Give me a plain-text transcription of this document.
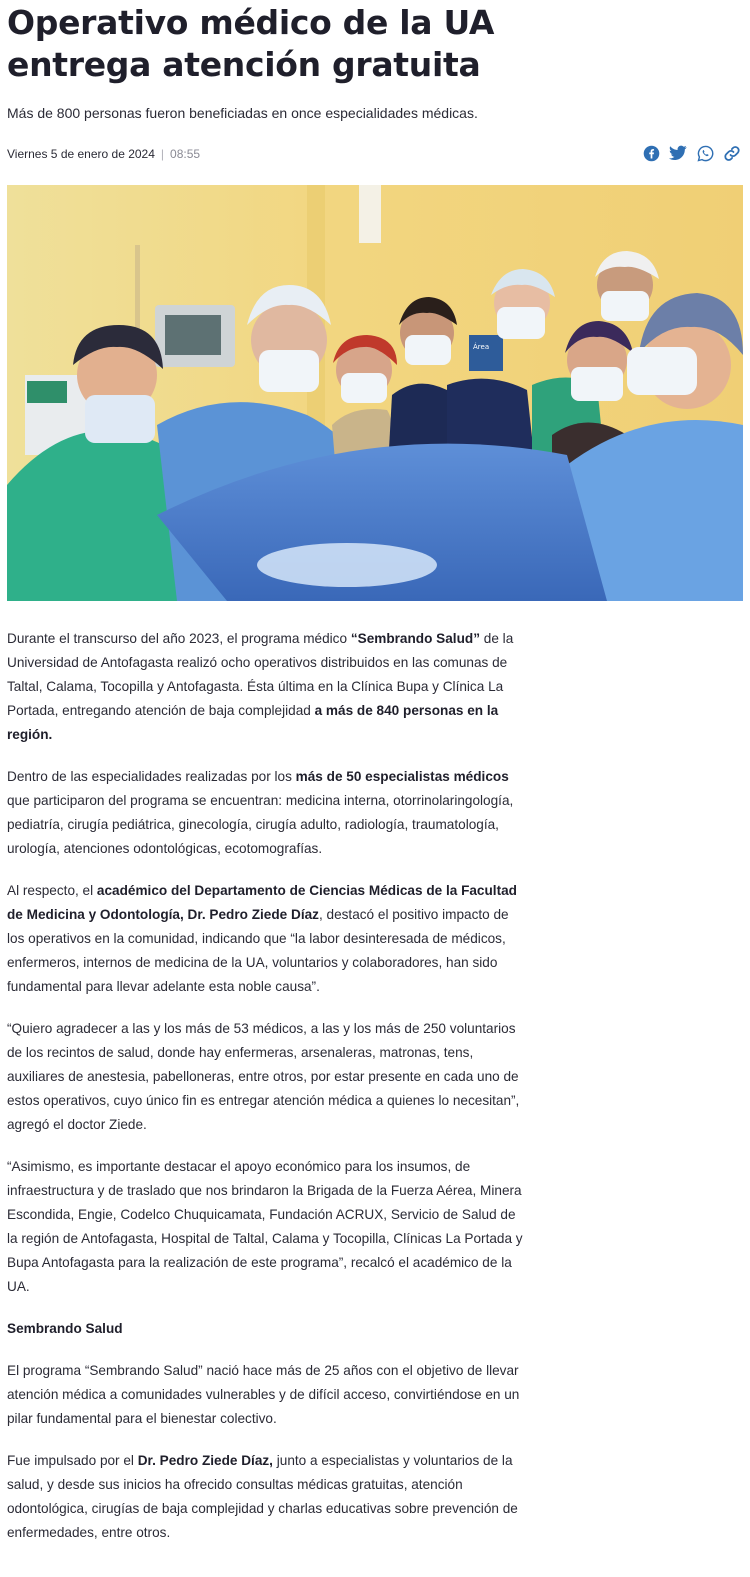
Operativo médico de la UA entrega atención gratuita
Más de 800 personas fueron beneficiadas en once especialidades médicas.
Viernes 5 de enero de 2024 | 08:55
Área

Durante el transcurso del año 2023, el programa médico “Sembrando Salud” de la Universidad de Antofagasta realizó ocho operativos distribuidos en las comunas de Taltal, Calama, Tocopilla y Antofagasta. Ésta última en la Clínica Bupa y Clínica La Portada, entregando atención de baja complejidad a más de 840 personas en la región.

Dentro de las especialidades realizadas por los más de 50 especialistas médicos que participaron del programa se encuentran: medicina interna, otorrinolaringología, pediatría, cirugía pediátrica, ginecología, cirugía adulto, radiología, traumatología, urología, atenciones odontológicas, ecotomografías.

Al respecto, el académico del Departamento de Ciencias Médicas de la Facultad de Medicina y Odontología, Dr. Pedro Ziede Díaz, destacó el positivo impacto de los operativos en la comunidad, indicando que “la labor desinteresada de médicos, enfermeros, internos de medicina de la UA, voluntarios y colaboradores, han sido fundamental para llevar adelante esta noble causa”.

“Quiero agradecer a las y los más de 53 médicos, a las y los más de 250 voluntarios de los recintos de salud, donde hay enfermeras, arsenaleras, matronas, tens, auxiliares de anestesia, pabelloneras, entre otros, por estar presente en cada uno de estos operativos, cuyo único fin es entregar atención médica a quienes lo necesitan”, agregó el doctor Ziede.

“Asimismo, es importante destacar el apoyo económico para los insumos, de infraestructura y de traslado que nos brindaron la Brigada de la Fuerza Aérea, Minera Escondida, Engie, Codelco Chuquicamata, Fundación ACRUX, Servicio de Salud de la región de Antofagasta, Hospital de Taltal, Calama y Tocopilla, Clínicas La Portada y Bupa Antofagasta para la realización de este programa”, recalcó el académico de la UA.

Sembrando Salud

El programa “Sembrando Salud” nació hace más de 25 años con el objetivo de llevar atención médica a comunidades vulnerables y de difícil acceso, convirtiéndose en un pilar fundamental para el bienestar colectivo.

Fue impulsado por el Dr. Pedro Ziede Díaz, junto a especialistas y voluntarios de la salud, y desde sus inicios ha ofrecido consultas médicas gratuitas, atención odontológica, cirugías de baja complejidad y charlas educativas sobre prevención de enfermedades, entre otros.
